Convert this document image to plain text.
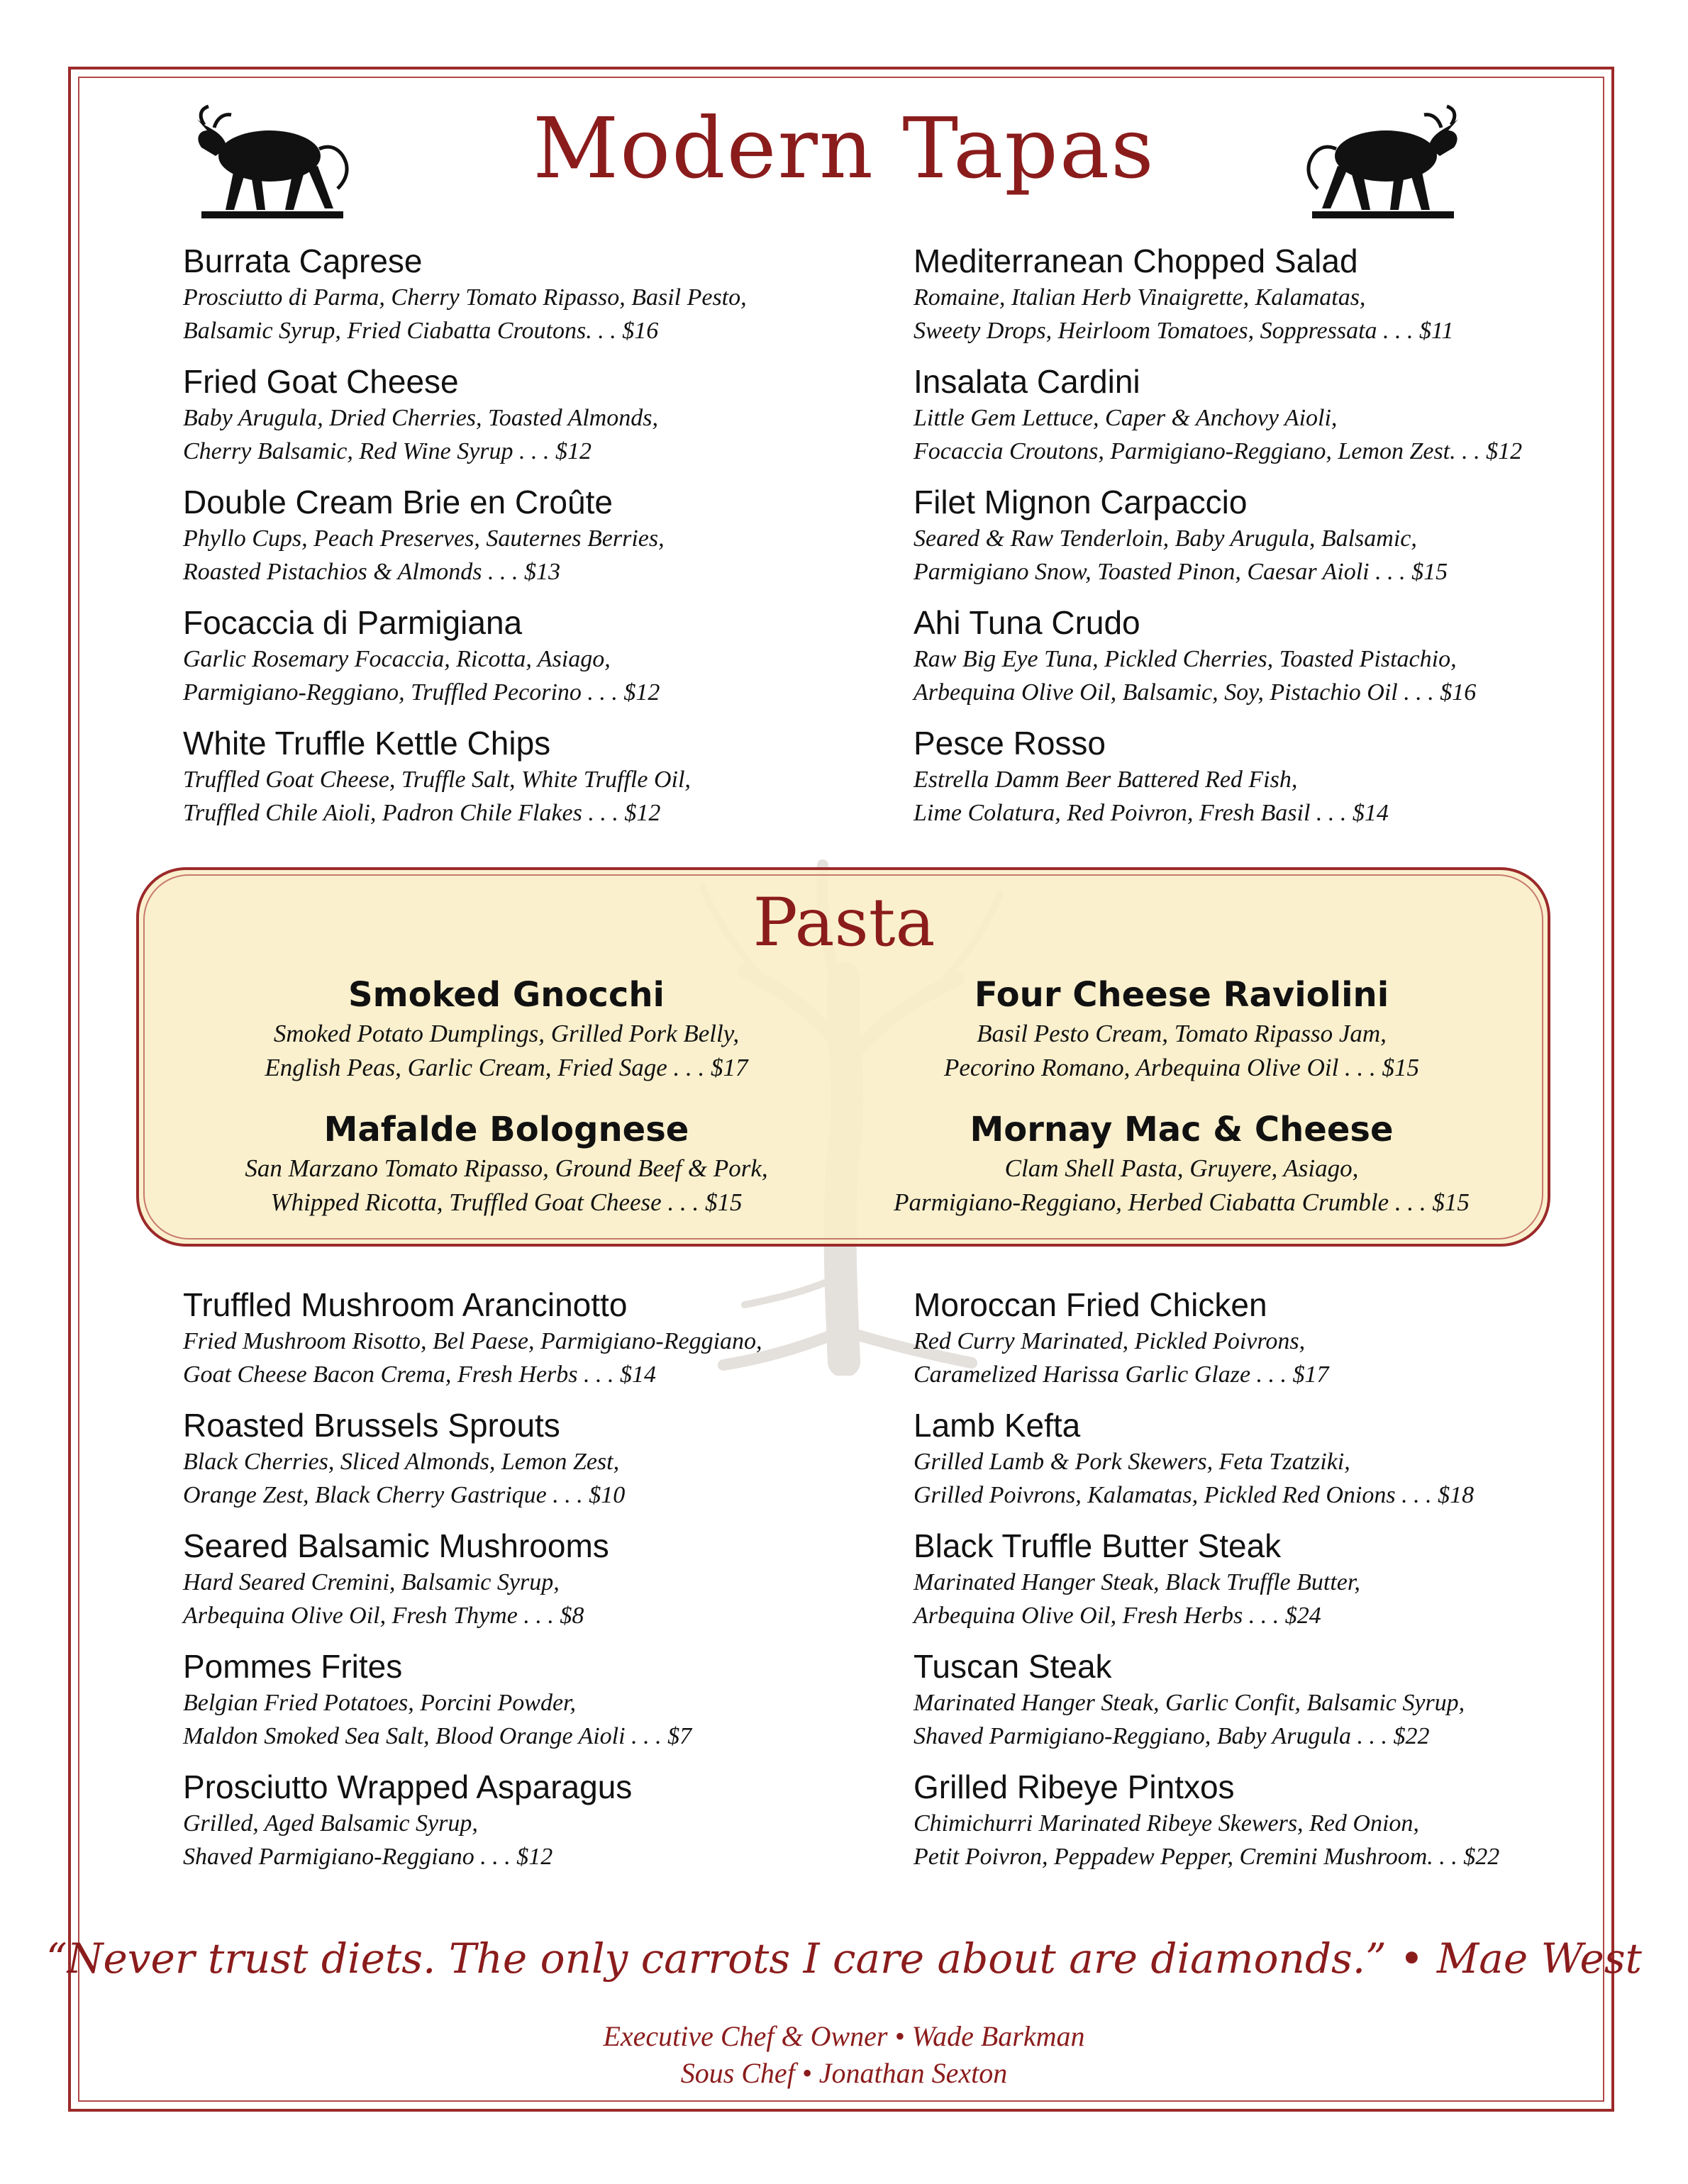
Modern Tapas
Burrata Caprese
Prosciutto di Parma, Cherry Tomato Ripasso, Basil Pesto,
Balsamic Syrup, Fried Ciabatta Croutons. . . $16
Fried Goat Cheese
Baby Arugula, Dried Cherries, Toasted Almonds,
Cherry Balsamic, Red Wine Syrup . . . $12
Double Cream Brie en Croûte
Phyllo Cups, Peach Preserves, Sauternes Berries,
Roasted Pistachios & Almonds . . . $13
Focaccia di Parmigiana
Garlic Rosemary Focaccia, Ricotta, Asiago,
Parmigiano-Reggiano, Truffled Pecorino . . . $12
White Truffle Kettle Chips
Truffled Goat Cheese, Truffle Salt, White Truffle Oil,
Truffled Chile Aioli, Padron Chile Flakes . . . $12
Mediterranean Chopped Salad
Romaine, Italian Herb Vinaigrette, Kalamatas,
Sweety Drops, Heirloom Tomatoes, Soppressata . . . $11
Insalata Cardini
Little Gem Lettuce, Caper & Anchovy Aioli,
Focaccia Croutons, Parmigiano-Reggiano, Lemon Zest. . . $12
Filet Mignon Carpaccio
Seared & Raw Tenderloin, Baby Arugula, Balsamic,
Parmigiano Snow, Toasted Pinon, Caesar Aioli . . . $15
Ahi Tuna Crudo
Raw Big Eye Tuna, Pickled Cherries, Toasted Pistachio,
Arbequina Olive Oil, Balsamic, Soy, Pistachio Oil . . . $16
Pesce Rosso
Estrella Damm Beer Battered Red Fish,
Lime Colatura, Red Poivron, Fresh Basil . . . $14
Pasta
Smoked Gnocchi
Smoked Potato Dumplings, Grilled Pork Belly,
English Peas, Garlic Cream, Fried Sage . . . $17
Mafalde Bolognese
San Marzano Tomato Ripasso, Ground Beef & Pork,
Whipped Ricotta, Truffled Goat Cheese . . . $15
Four Cheese Raviolini
Basil Pesto Cream, Tomato Ripasso Jam,
Pecorino Romano, Arbequina Olive Oil . . . $15
Mornay Mac & Cheese
Clam Shell Pasta, Gruyere, Asiago,
Parmigiano-Reggiano, Herbed Ciabatta Crumble . . . $15
Truffled Mushroom Arancinotto
Fried Mushroom Risotto, Bel Paese, Parmigiano-Reggiano,
Goat Cheese Bacon Crema, Fresh Herbs . . . $14
Roasted Brussels Sprouts
Black Cherries, Sliced Almonds, Lemon Zest,
Orange Zest, Black Cherry Gastrique . . . $10
Seared Balsamic Mushrooms
Hard Seared Cremini, Balsamic Syrup,
Arbequina Olive Oil, Fresh Thyme . . . $8
Pommes Frites
Belgian Fried Potatoes, Porcini Powder,
Maldon Smoked Sea Salt, Blood Orange Aioli . . . $7
Prosciutto Wrapped Asparagus
Grilled, Aged Balsamic Syrup,
Shaved Parmigiano-Reggiano . . . $12
Moroccan Fried Chicken
Red Curry Marinated, Pickled Poivrons,
Caramelized Harissa Garlic Glaze . . . $17
Lamb Kefta
Grilled Lamb & Pork Skewers, Feta Tzatziki,
Grilled Poivrons, Kalamatas, Pickled Red Onions . . . $18
Black Truffle Butter Steak
Marinated Hanger Steak, Black Truffle Butter,
Arbequina Olive Oil, Fresh Herbs . . . $24
Tuscan Steak
Marinated Hanger Steak, Garlic Confit, Balsamic Syrup,
Shaved Parmigiano-Reggiano, Baby Arugula . . . $22
Grilled Ribeye Pintxos
Chimichurri Marinated Ribeye Skewers, Red Onion,
Petit Poivron, Peppadew Pepper, Cremini Mushroom. . . $22
“Never trust diets. The only carrots I care about are diamonds.” • Mae West
Executive Chef & Owner • Wade Barkman
Sous Chef • Jonathan Sexton
